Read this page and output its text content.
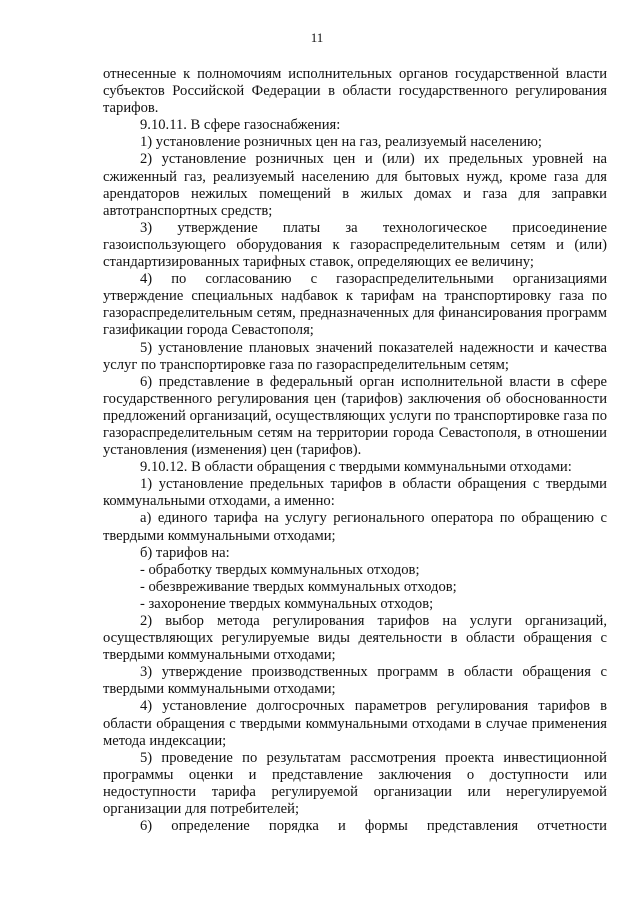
11

отнесенные к полномочиям исполнительных органов государственной власти субъектов Российской Федерации в области государственного регулирования тарифов.

9.10.11. В сфере газоснабжения:

1) установление розничных цен на газ, реализуемый населению;

2) установление розничных цен и (или) их предельных уровней на сжиженный газ, реализуемый населению для бытовых нужд, кроме газа для арендаторов нежилых помещений в жилых домах и газа для заправки автотранспортных средств;

3) утверждение платы за технологическое присоединение газоиспользующего оборудования к газораспределительным сетям и (или) стандартизированных тарифных ставок, определяющих ее величину;

4) по согласованию с газораспределительными организациями утверждение специальных надбавок к тарифам на транспортировку газа по газораспределительным сетям, предназначенных для финансирования программ газификации города Севастополя;

5) установление плановых значений показателей надежности и качества услуг по транспортировке газа по газораспределительным сетям;

6) представление в федеральный орган исполнительной власти в сфере государственного регулирования цен (тарифов) заключения об обоснованности предложений организаций, осуществляющих услуги по транспортировке газа по газораспределительным сетям на территории города Севастополя, в отношении установления (изменения) цен (тарифов).

9.10.12. В области обращения с твердыми коммунальными отходами:

1) установление предельных тарифов в области обращения с твердыми коммунальными отходами, а именно:

а) единого тарифа на услугу регионального оператора по обращению с твердыми коммунальными отходами;

б) тарифов на:

- обработку твердых коммунальных отходов;

- обезвреживание твердых коммунальных отходов;

- захоронение твердых коммунальных отходов;

2) выбор метода регулирования тарифов на услуги организаций, осуществляющих регулируемые виды деятельности в области обращения с твердыми коммунальными отходами;

3) утверждение производственных программ в области обращения с твердыми коммунальными отходами;

4) установление долгосрочных параметров регулирования тарифов в области обращения с твердыми коммунальными отходами в случае применения метода индексации;

5) проведение по результатам рассмотрения проекта инвестиционной программы оценки и представление заключения о доступности или недоступности тарифа регулируемой организации или нерегулируемой организации для потребителей;

6) определение порядка и формы представления отчетности
